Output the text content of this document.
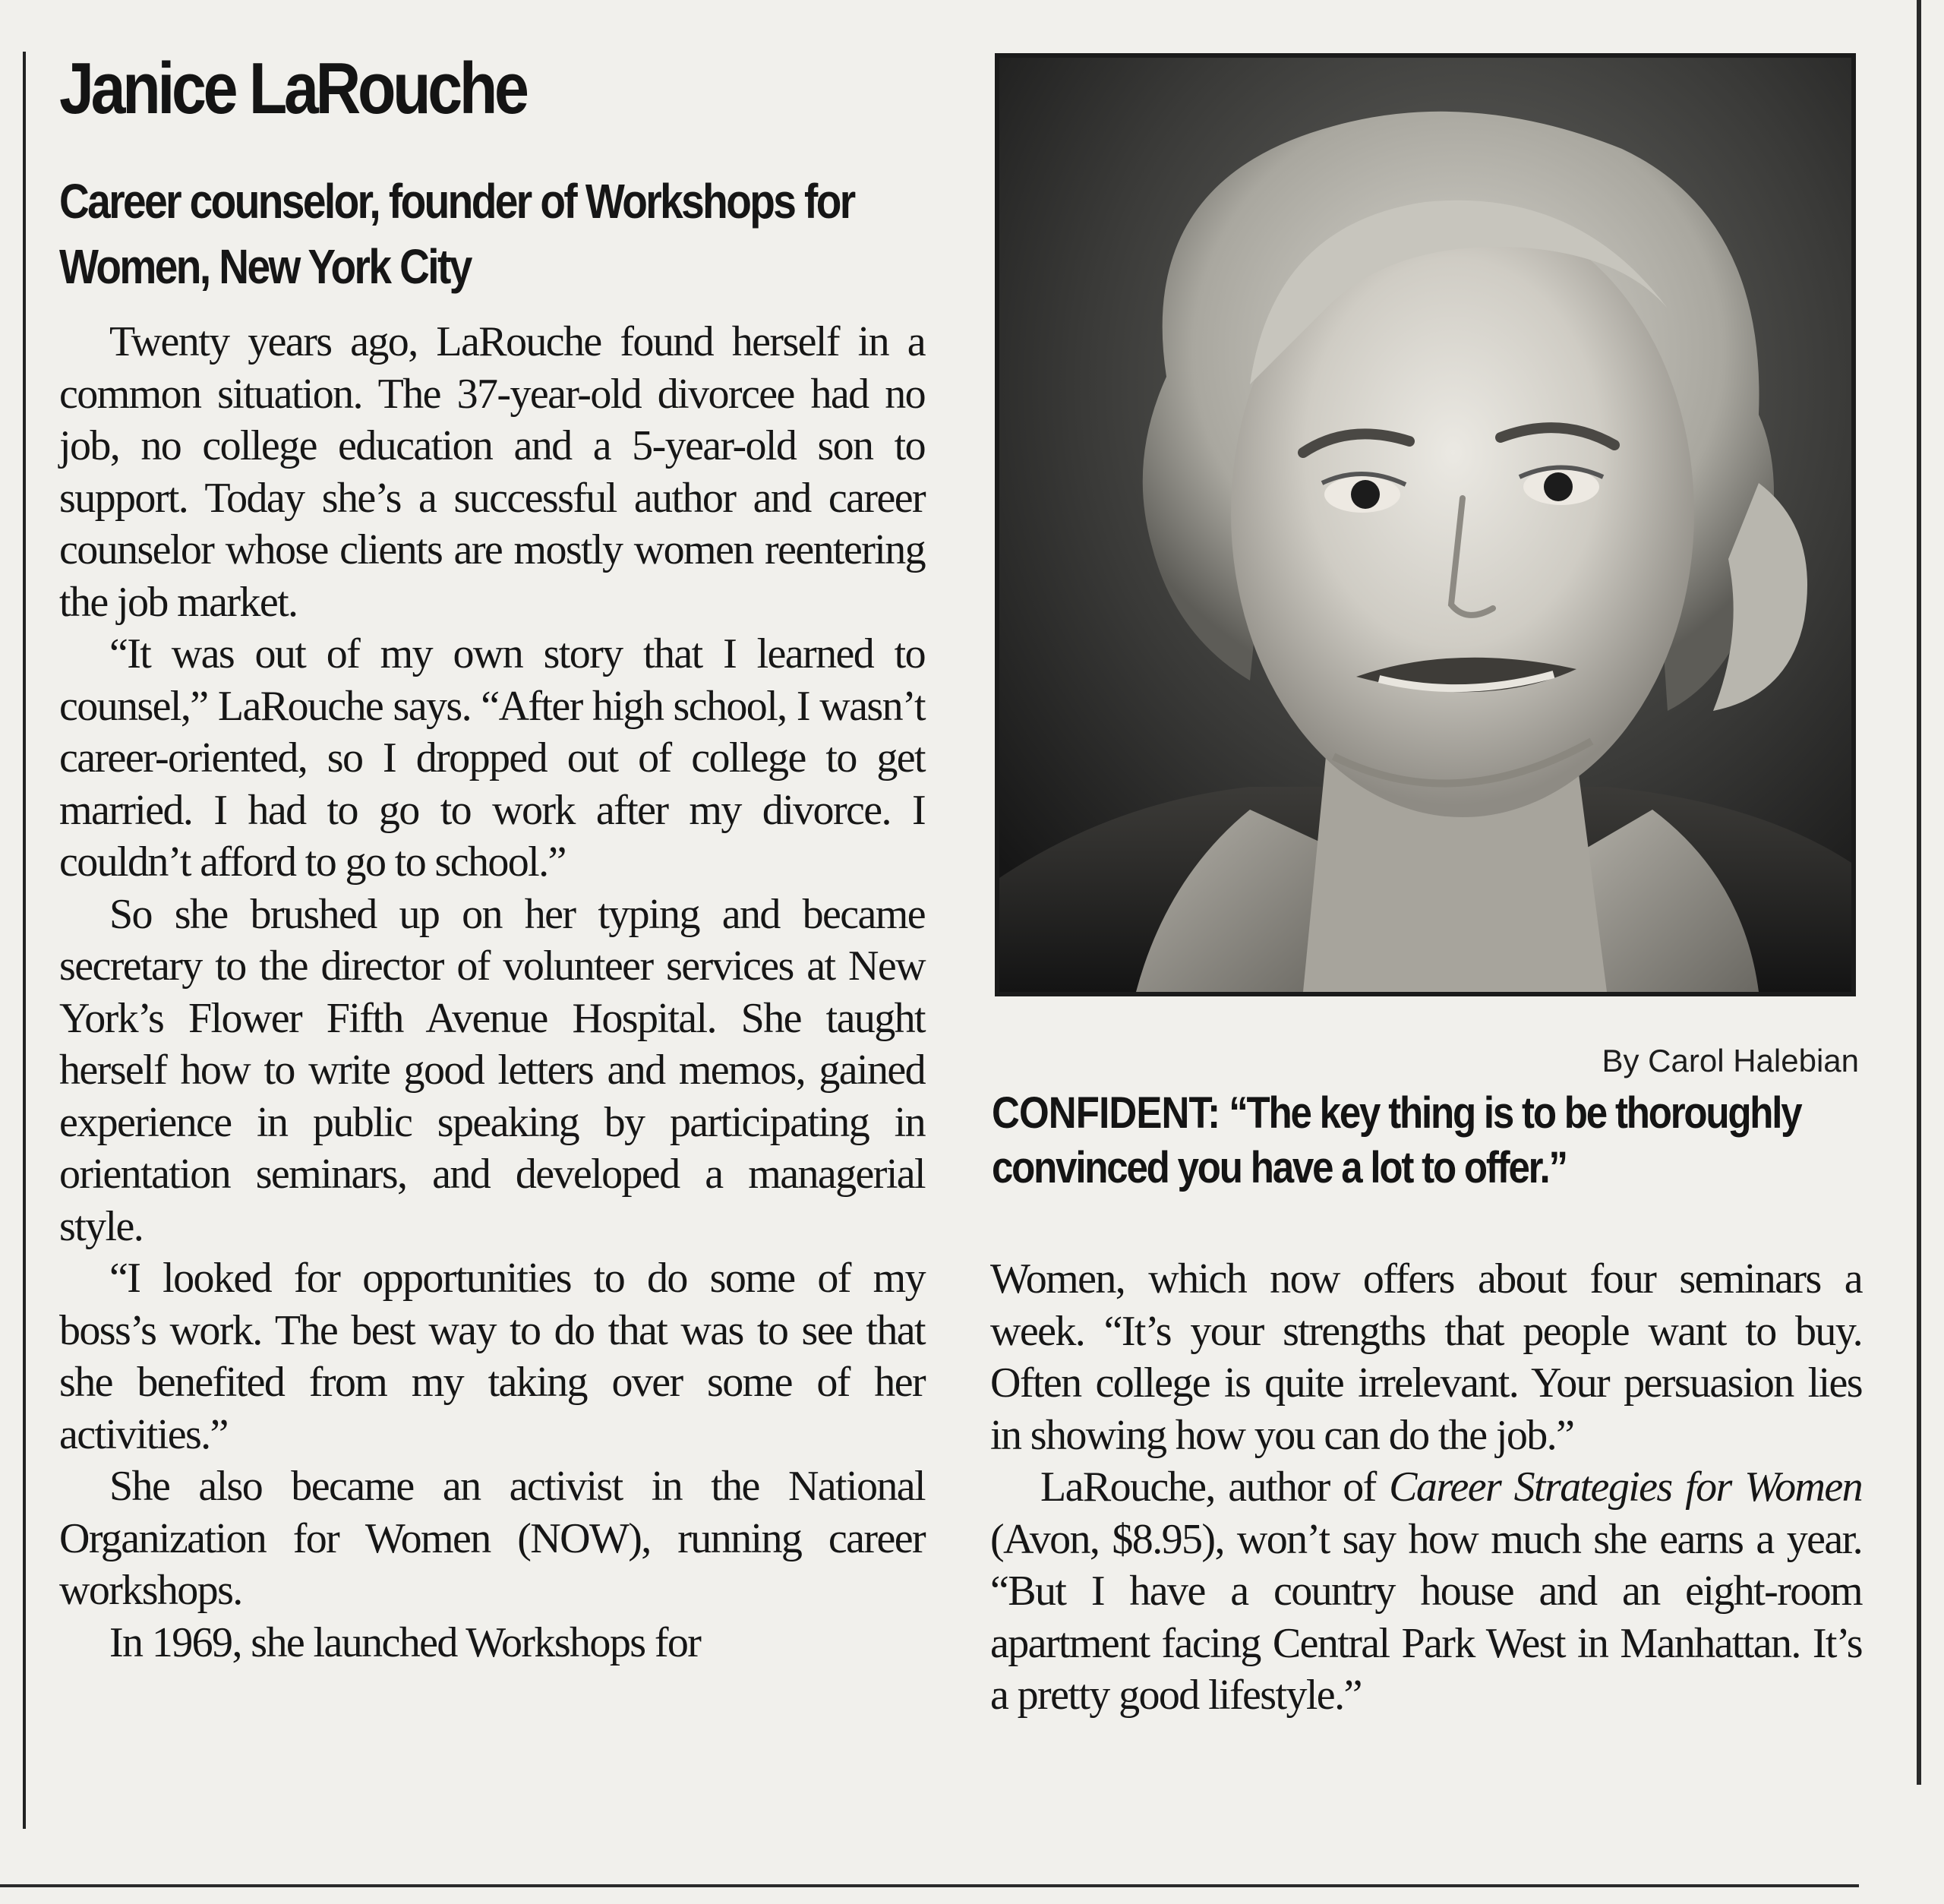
Janice LaRouche
Career counselor, founder of Workshops for Women, New York City

Twenty years ago, LaRouche found herself in a common situation. The 37-year-old divorcee had no job, no college education and a 5-year-old son to support. Today she’s a successful author and career counselor whose clients are mostly women reentering the job market.

“It was out of my own story that I learned to counsel,” LaRouche says. “After high school, I wasn’t career-oriented, so I dropped out of college to get married. I had to go to work after my divorce. I couldn’t afford to go to school.”

So she brushed up on her typing and became secretary to the director of volunteer services at New York’s Flower Fifth Avenue Hospital. She taught herself how to write good letters and memos, gained experience in public speaking by participating in orientation seminars, and developed a managerial style.

“I looked for opportunities to do some of my boss’s work. The best way to do that was to see that she benefited from my taking over some of her activities.”

She also became an activist in the National Organization for Women (NOW), running career workshops.

In 1969, she launched Workshops for

By Carol Halebian

CONFIDENT: “The key thing is to be thoroughly convinced you have a lot to offer.”

Women, which now offers about four seminars a week. “It’s your strengths that people want to buy. Often college is quite irrelevant. Your persuasion lies in showing how you can do the job.”

LaRouche, author of Career Strategies for Women (Avon, $8.95), won’t say how much she earns a year. “But I have a country house and an eight-room apartment facing Central Park West in Manhattan. It’s a pretty good lifestyle.”
